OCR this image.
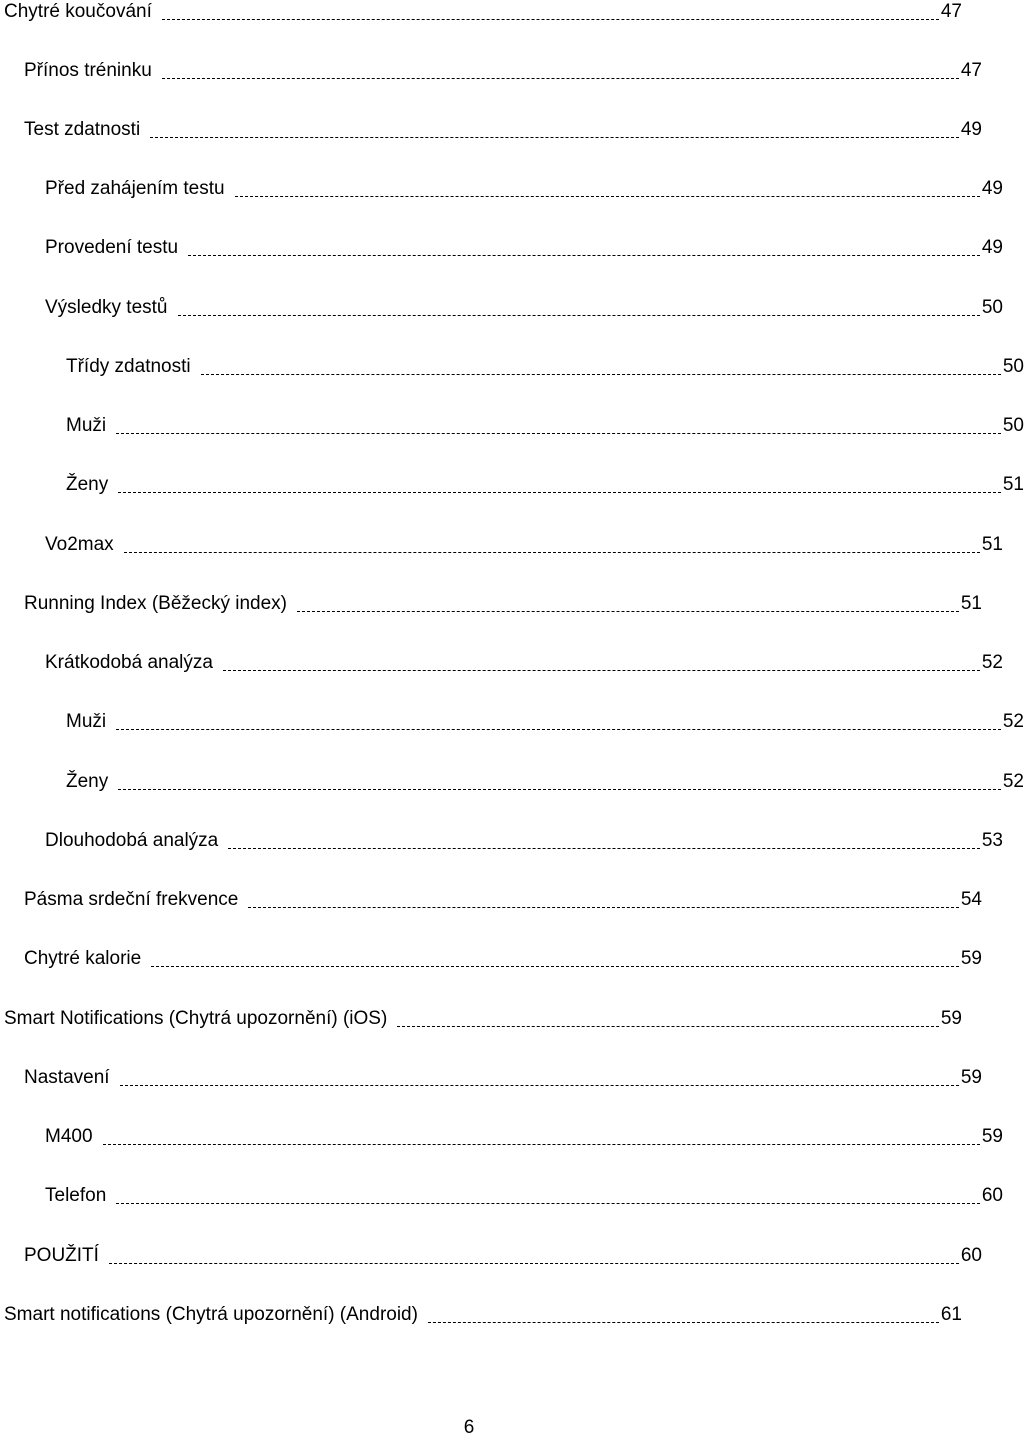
Chytré koučování	47
Přínos tréninku	47
Test zdatnosti	49
Před zahájením testu	49
Provedení testu	49
Výsledky testů	50
Třídy zdatnosti	50
Muži	50
Ženy	51
Vo2max	51
Running Index (Běžecký index)	51
Krátkodobá analýza	52
Muži	52
Ženy	52
Dlouhodobá analýza	53
Pásma srdeční frekvence	54
Chytré kalorie	59
Smart Notifications (Chytrá upozornění) (iOS)	59
Nastavení	59
M400	59
Telefon	60
POUŽITÍ	60
Smart notifications (Chytrá upozornění) (Android)	61
6
